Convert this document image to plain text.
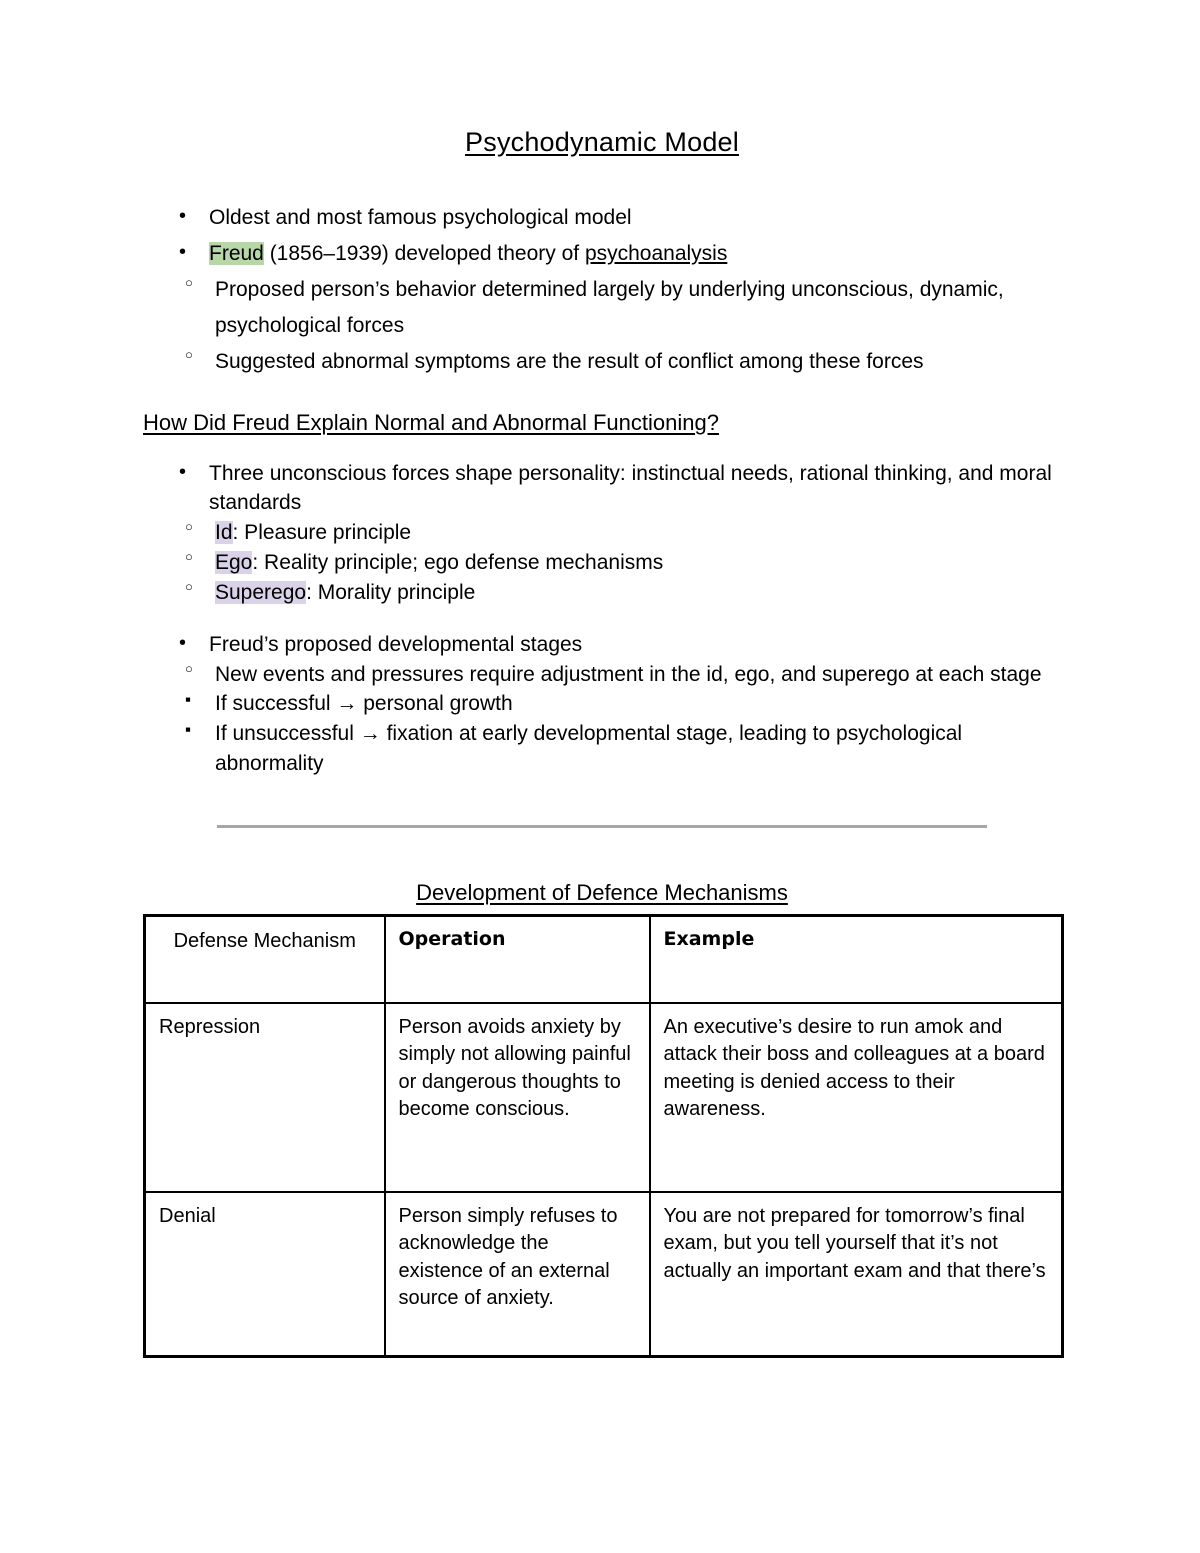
Psychodynamic Model
• Oldest and most famous psychological model
• Freud (1856–1939) developed theory of psychoanalysis
○ Proposed person’s behavior determined largely by underlying unconscious, dynamic, psychological forces
○ Suggested abnormal symptoms are the result of conflict among these forces
How Did Freud Explain Normal and Abnormal Functioning?
• Three unconscious forces shape personality: instinctual needs, rational thinking, and moral standards
○ Id: Pleasure principle
○ Ego: Reality principle; ego defense mechanisms
○ Superego: Morality principle
• Freud’s proposed developmental stages
○ New events and pressures require adjustment in the id, ego, and superego at each stage
▪ If successful → personal growth
▪ If unsuccessful → fixation at early developmental stage, leading to psychological abnormality
Development of Defence Mechanisms
Defense Mechanism	Operation	Example
Repression	Person avoids anxiety by simply not allowing painful or dangerous thoughts to become conscious.	An executive’s desire to run amok and attack their boss and colleagues at a board meeting is denied access to their awareness.
Denial	Person simply refuses to acknowledge the existence of an external source of anxiety.	You are not prepared for tomorrow’s final exam, but you tell yourself that it’s not actually an important exam and that there’s
